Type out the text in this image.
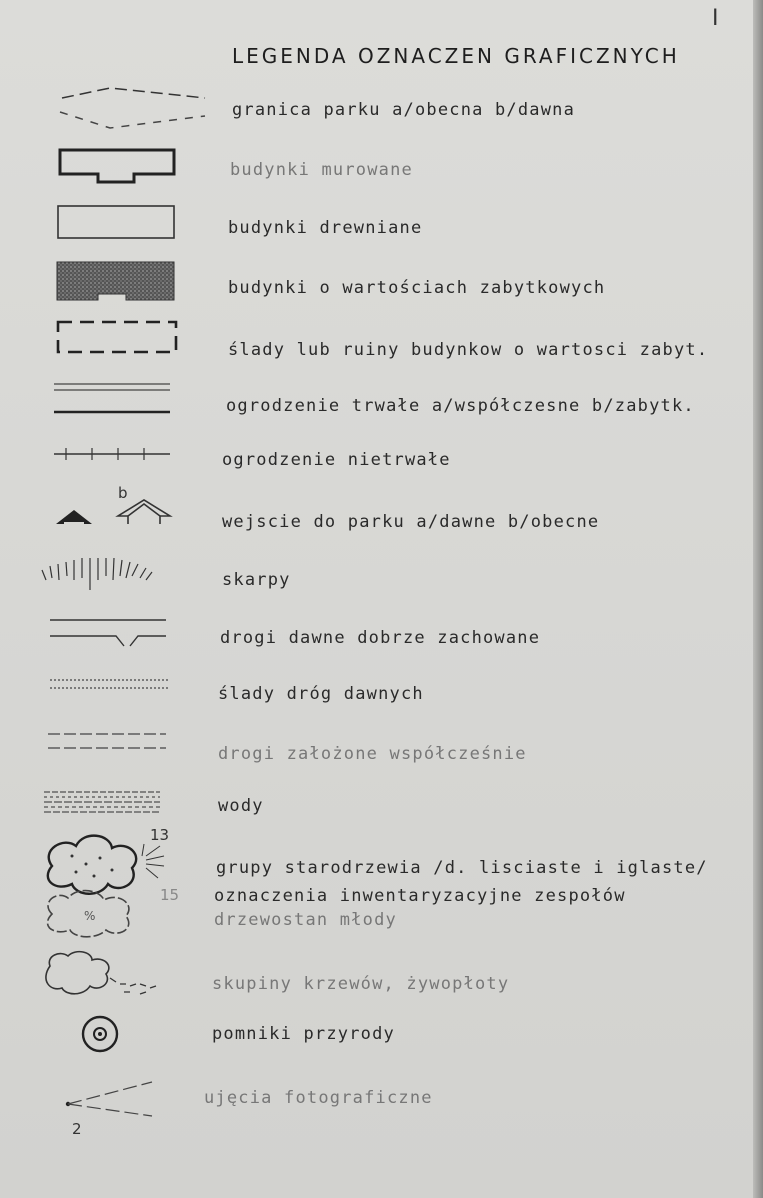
I
LEGENDA OZNACZEN GRAFICZNYCH
granica parku a/obecna b/dawna
budynki murowane
budynki drewniane
budynki o wartościach zabytkowych
ślady lub ruiny budynkow o wartosci zabyt.
ogrodzenie trwałe a/współczesne b/zabytk.
ogrodzenie nietrwałe
b
wejscie do parku a/dawne b/obecne
skarpy
drogi dawne dobrze zachowane
ślady dróg dawnych
drogi założone współcześnie
wody
13
15
%
grupy starodrzewia /d. lisciaste i iglaste/
oznaczenia inwentaryzacyjne zespołów
drzewostan młody
skupiny krzewów, żywopłoty
pomniki przyrody
2
ujęcia fotograficzne
